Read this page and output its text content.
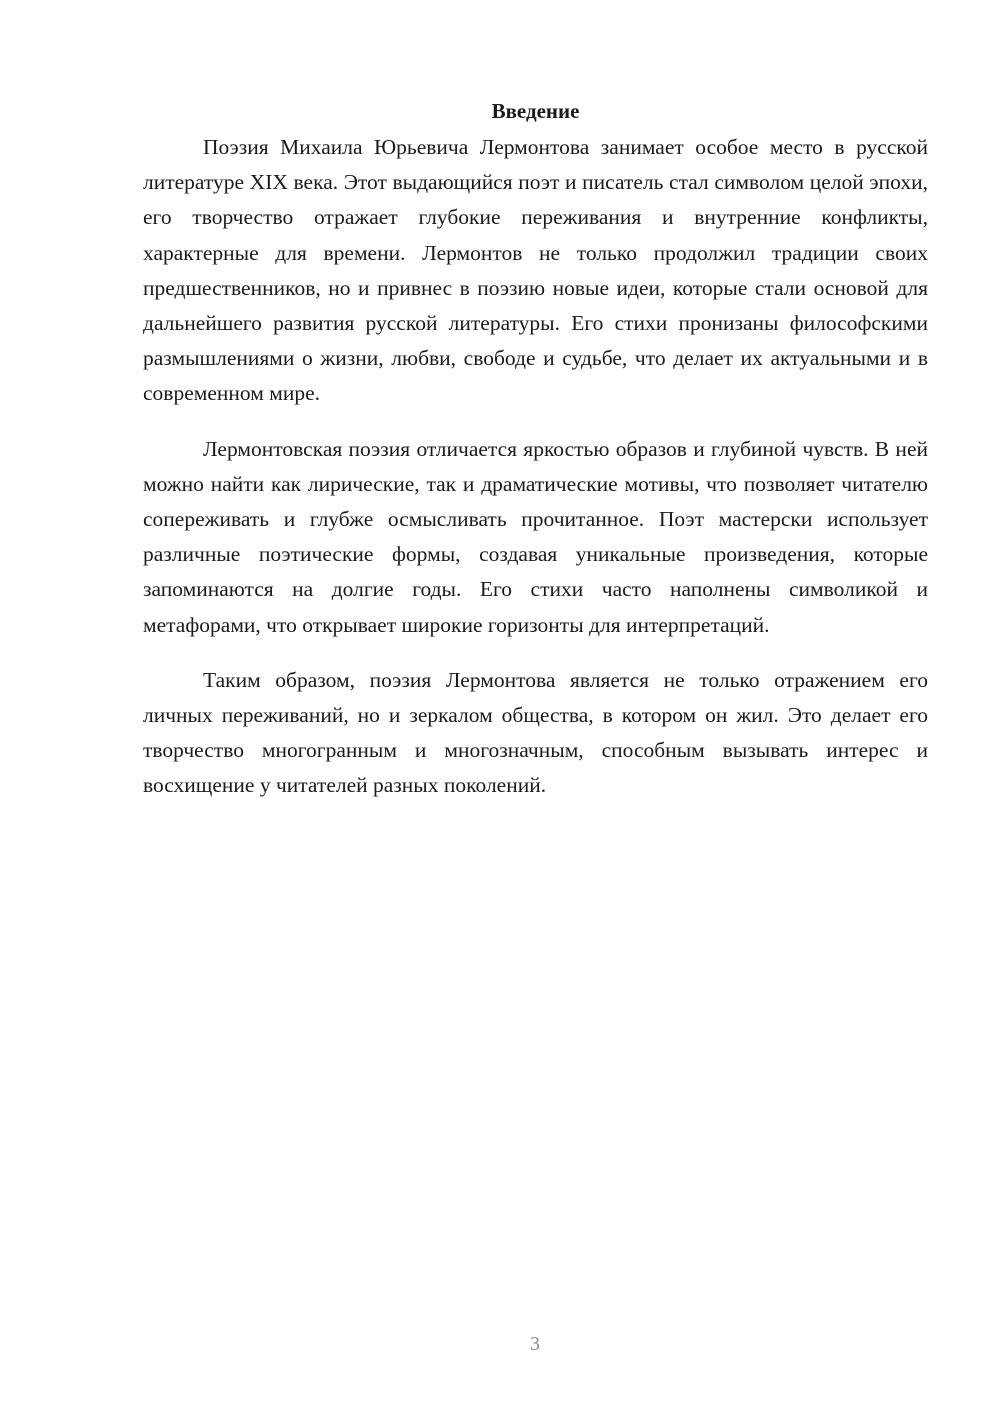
Введение

Поэзия Михаила Юрьевича Лермонтова занимает особое место в русской литературе XIX века. Этот выдающийся поэт и писатель стал символом целой эпохи, его творчество отражает глубокие переживания и внутренние конфликты, характерные для времени. Лермонтов не только продолжил традиции своих предшественников, но и привнес в поэзию новые идеи, которые стали основой для дальнейшего развития русской литературы. Его стихи пронизаны философскими размышлениями о жизни, любви, свободе и судьбе, что делает их актуальными и в современном мире.

Лермонтовская поэзия отличается яркостью образов и глубиной чувств. В ней можно найти как лирические, так и драматические мотивы, что позволяет читателю сопереживать и глубже осмысливать прочитанное. Поэт мастерски использует различные поэтические формы, создавая уникальные произведения, которые запоминаются на долгие годы. Его стихи часто наполнены символикой и метафорами, что открывает широкие горизонты для интерпретаций.

Таким образом, поэзия Лермонтова является не только отражением его личных переживаний, но и зеркалом общества, в котором он жил. Это делает его творчество многогранным и многозначным, способным вызывать интерес и восхищение у читателей разных поколений.

3
